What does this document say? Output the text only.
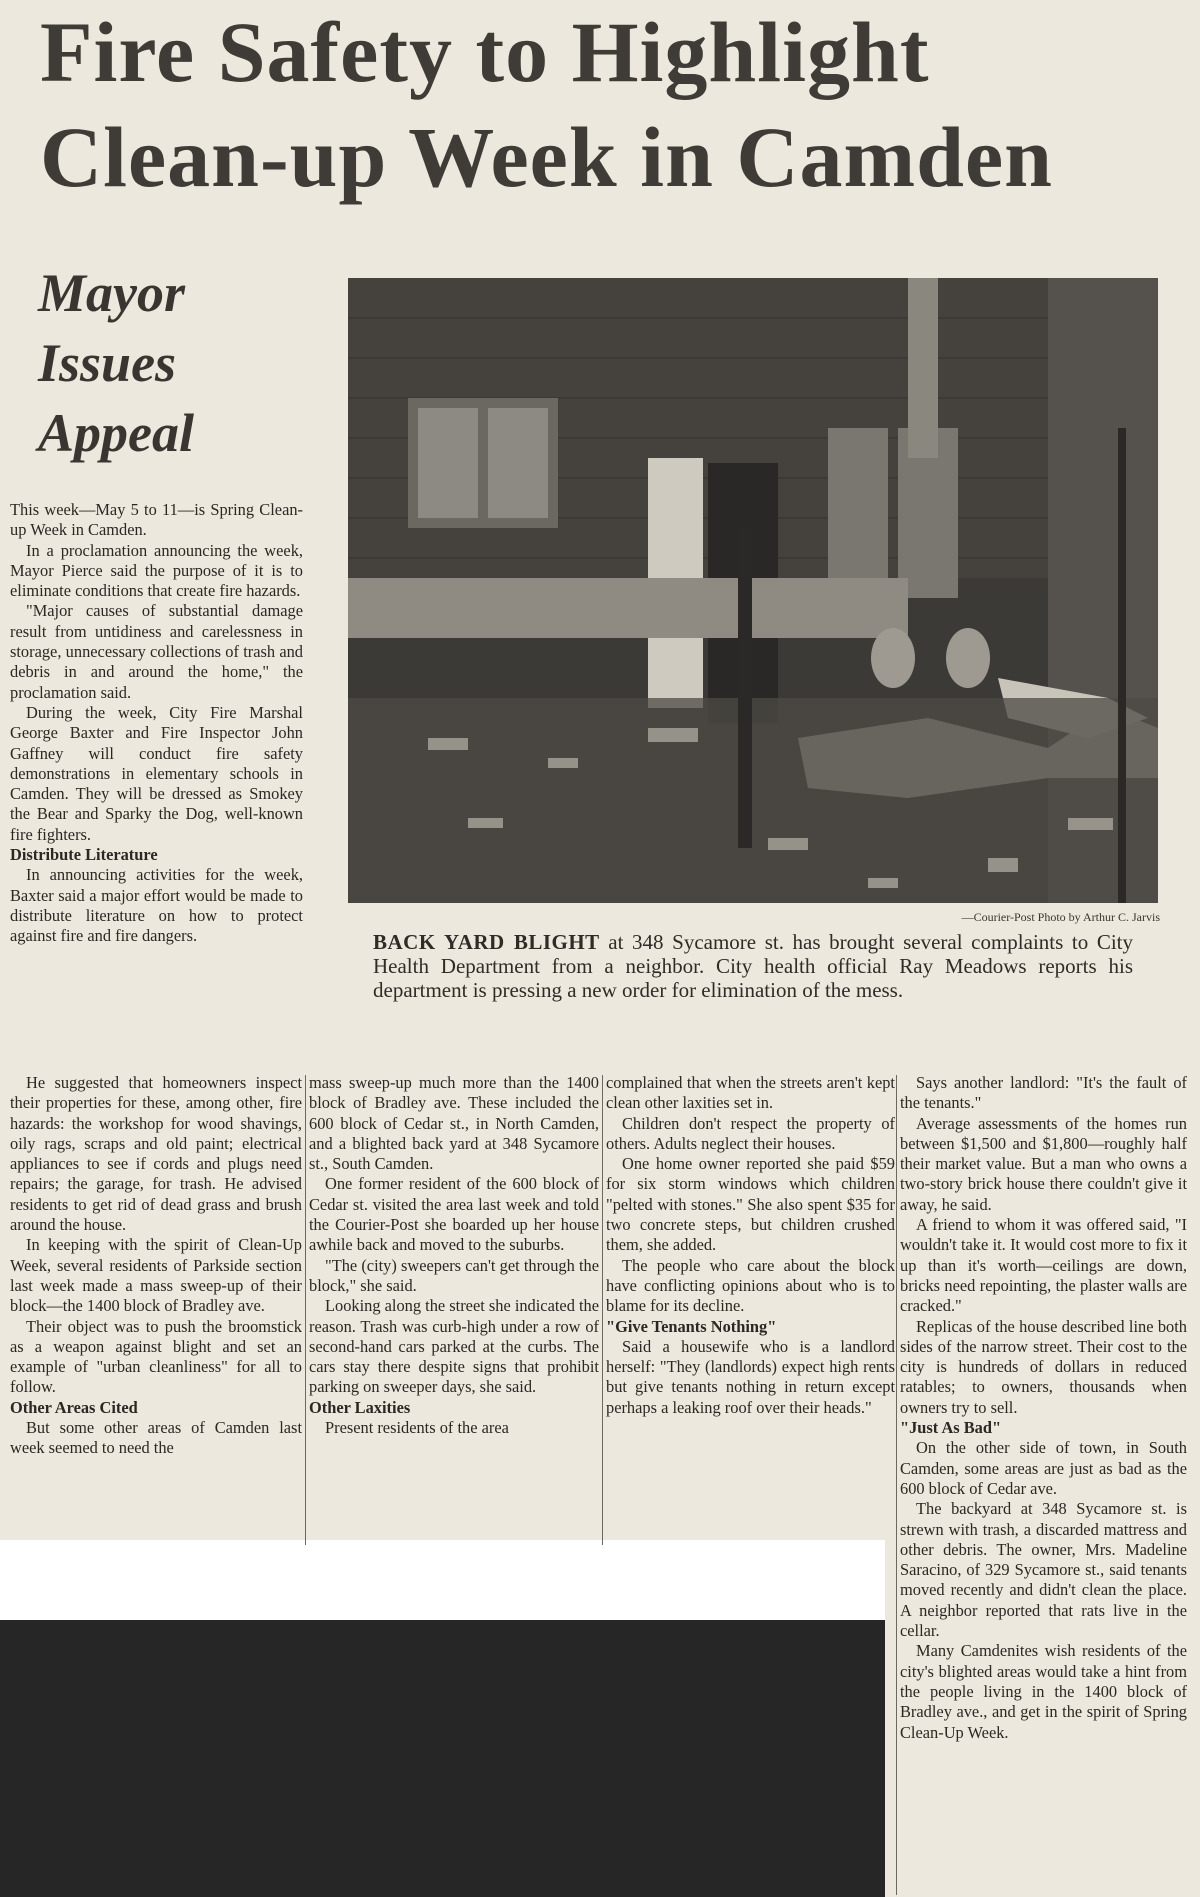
Fire Safety to Highlight
Clean-up Week in Camden
Mayor
Issues
Appeal
—Courier-Post Photo by Arthur C. Jarvis
BACK YARD BLIGHT at 348 Sycamore st. has brought several complaints to City Health Department from a neighbor. City health official Ray Meadows reports his department is pressing a new order for elimination of the mess.

This week—May 5 to 11—is Spring Clean-up Week in Camden.

In a proclamation announcing the week, Mayor Pierce said the purpose of it is to eliminate conditions that create fire hazards.

"Major causes of substantial damage result from untidiness and carelessness in storage, unnecessary collections of trash and debris in and around the home," the proclamation said.

During the week, City Fire Marshal George Baxter and Fire Inspector John Gaffney will conduct fire safety demonstrations in elementary schools in Camden. They will be dressed as Smokey the Bear and Sparky the Dog, well-known fire fighters.

Distribute Literature

In announcing activities for the week, Baxter said a major effort would be made to distribute literature on how to protect against fire and fire dangers.

He suggested that homeowners inspect their properties for these, among other, fire hazards: the workshop for wood shavings, oily rags, scraps and old paint; electrical appliances to see if cords and plugs need repairs; the garage, for trash. He advised residents to get rid of dead grass and brush around the house.

In keeping with the spirit of Clean-Up Week, several residents of Parkside section last week made a mass sweep-up of their block—the 1400 block of Bradley ave.

Their object was to push the broomstick as a weapon against blight and set an example of "urban cleanliness" for all to follow.

Other Areas Cited

But some other areas of Camden last week seemed to need the

mass sweep-up much more than the 1400 block of Bradley ave. These included the 600 block of Cedar st., in North Camden, and a blighted back yard at 348 Sycamore st., South Camden.

One former resident of the 600 block of Cedar st. visited the area last week and told the Courier-Post she boarded up her house awhile back and moved to the suburbs.

"The (city) sweepers can't get through the block," she said.

Looking along the street she indicated the reason. Trash was curb-high under a row of second-hand cars parked at the curbs. The cars stay there despite signs that prohibit parking on sweeper days, she said.

Other Laxities

Present residents of the area

complained that when the streets aren't kept clean other laxities set in.

Children don't respect the property of others. Adults neglect their houses.

One home owner reported she paid $59 for six storm windows which children "pelted with stones." She also spent $35 for two concrete steps, but children crushed them, she added.

The people who care about the block have conflicting opinions about who is to blame for its decline.

"Give Tenants Nothing"

Said a housewife who is a landlord herself: "They (landlords) expect high rents but give tenants nothing in return except perhaps a leaking roof over their heads."

Says another landlord: "It's the fault of the tenants."

Average assessments of the homes run between $1,500 and $1,800—roughly half their market value. But a man who owns a two-story brick house there couldn't give it away, he said.

A friend to whom it was offered said, "I wouldn't take it. It would cost more to fix it up than it's worth—ceilings are down, bricks need repointing, the plaster walls are cracked."

Replicas of the house described line both sides of the narrow street. Their cost to the city is hundreds of dollars in reduced ratables; to owners, thousands when owners try to sell.

"Just As Bad"

On the other side of town, in South Camden, some areas are just as bad as the 600 block of Cedar ave.

The backyard at 348 Sycamore st. is strewn with trash, a discarded mattress and other debris. The owner, Mrs. Madeline Saracino, of 329 Sycamore st., said tenants moved recently and didn't clean the place. A neighbor reported that rats live in the cellar.

Many Camdenites wish residents of the city's blighted areas would take a hint from the people living in the 1400 block of Bradley ave., and get in the spirit of Spring Clean-Up Week.
